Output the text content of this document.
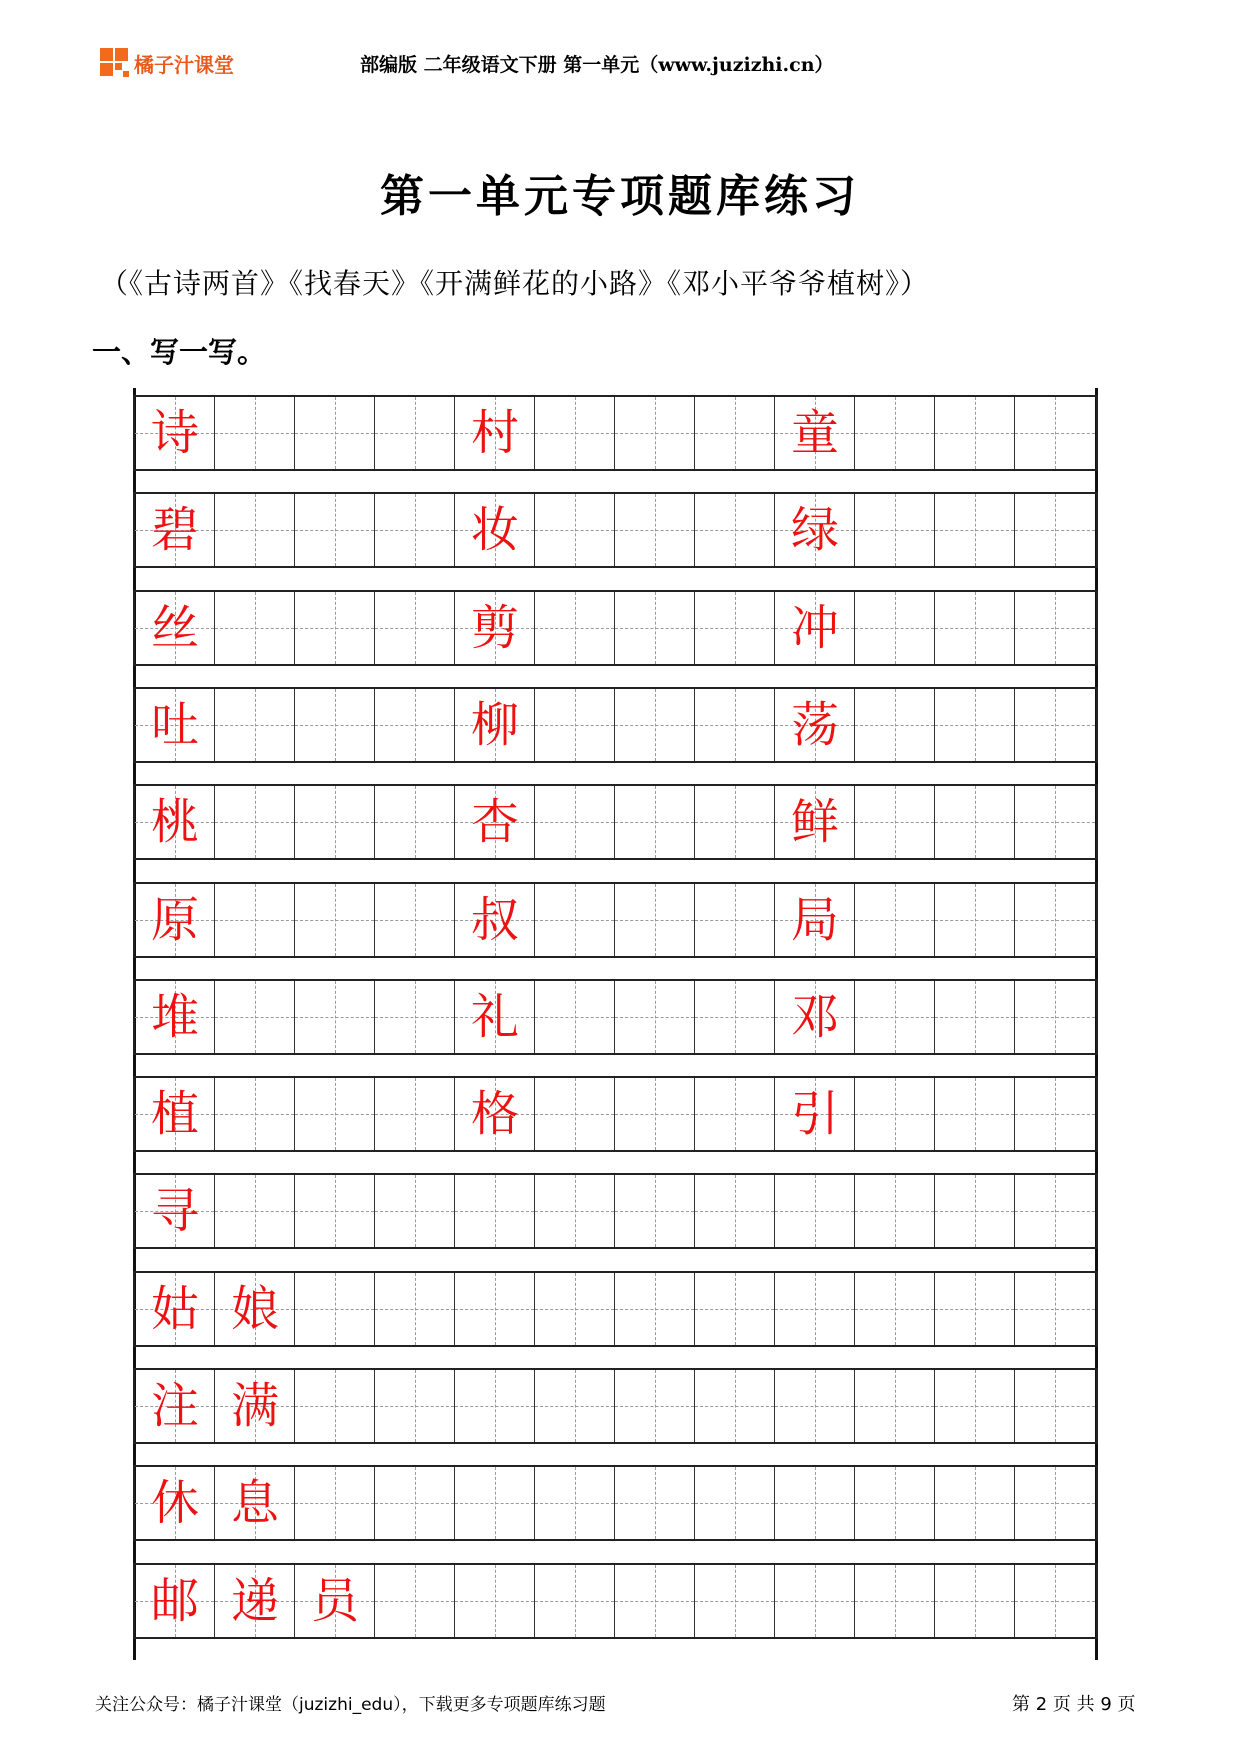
橘子汁课堂	部编版 二年级语文下册 第一单元（www.juzizhi.cn）
第一单元专项题库练习
（《古诗两首》《找春天》《开满鲜花的小路》《邓小平爷爷植树》）
一、写一写。
诗	村	童
碧	妆	绿
丝	剪	冲
吐	柳	荡
桃	杏	鲜
原	叔	局
堆	礼	邓
植	格	引
寻
姑 娘
注 满
休 息
邮 递 员
关注公众号：橘子汁课堂（juzizhi_edu），下载更多专项题库练习题	第 2 页 共 9 页
